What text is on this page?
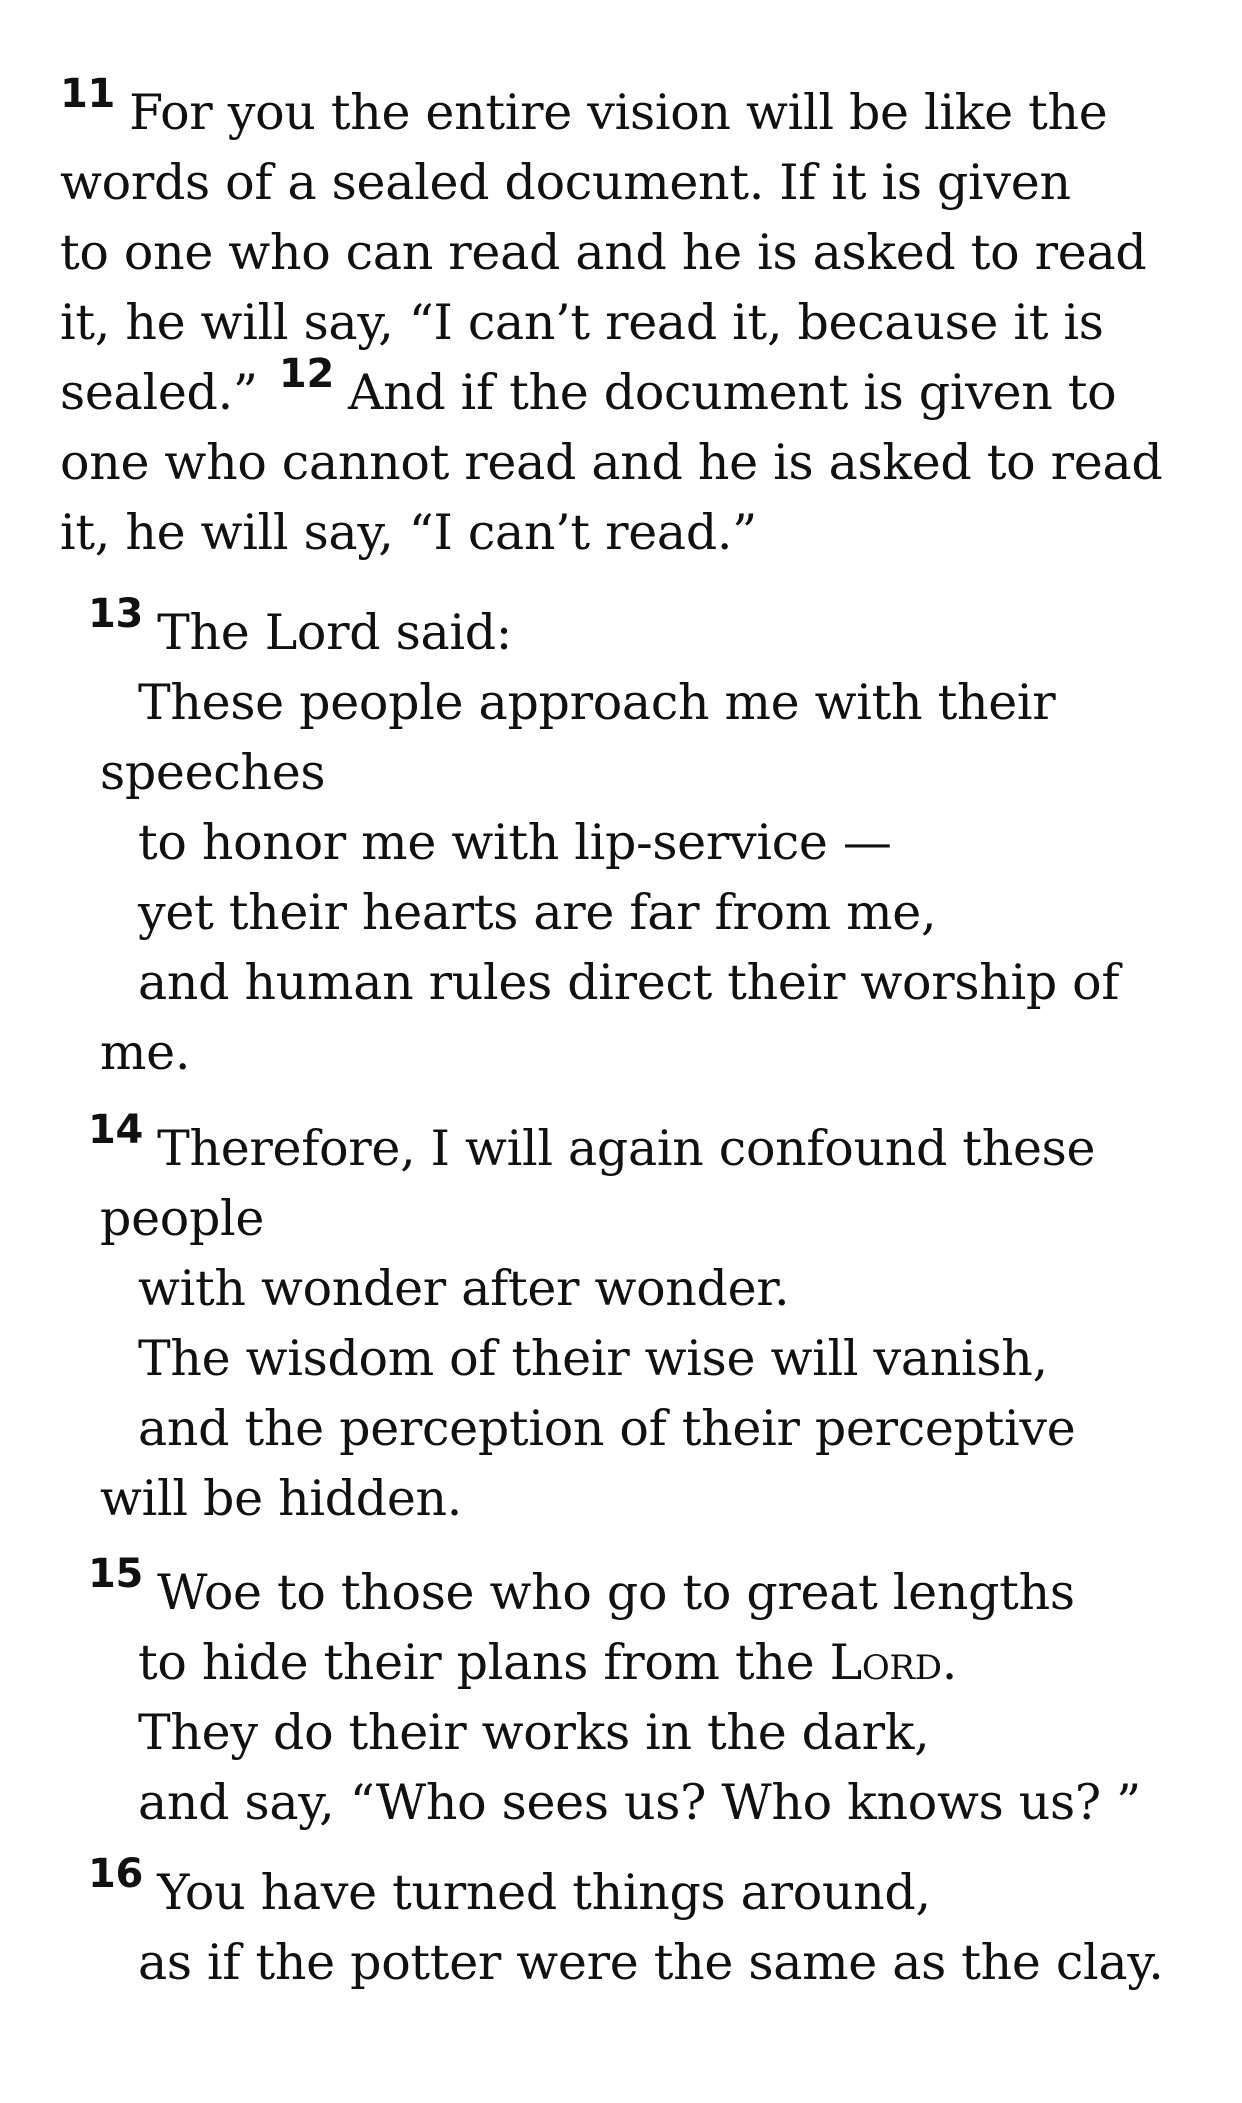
$^{11}$ For you the entire vision will be like the
words of a sealed document. If it is given
to one who can read and he is asked to read
it, he will say, “I can’t read it, because it is
sealed.” $^{12}$ And if the document is given to
one who cannot read and he is asked to read
it, he will say, “I can’t read.”
$^{13}$ The Lord said:
These people approach me with their
speeches
to honor me with lip-service —
yet their hearts are far from me,
and human rules direct their worship of
me.
$^{14}$ Therefore, I will again confound these
people
with wonder after wonder.
The wisdom of their wise will vanish,
and the perception of their perceptive
will be hidden.
$^{15}$ Woe to those who go to great lengths
to hide their plans from the Lord.
They do their works in the dark,
and say, “Who sees us? Who knows us? ”
$^{16}$ You have turned things around,
as if the potter were the same as the clay.
